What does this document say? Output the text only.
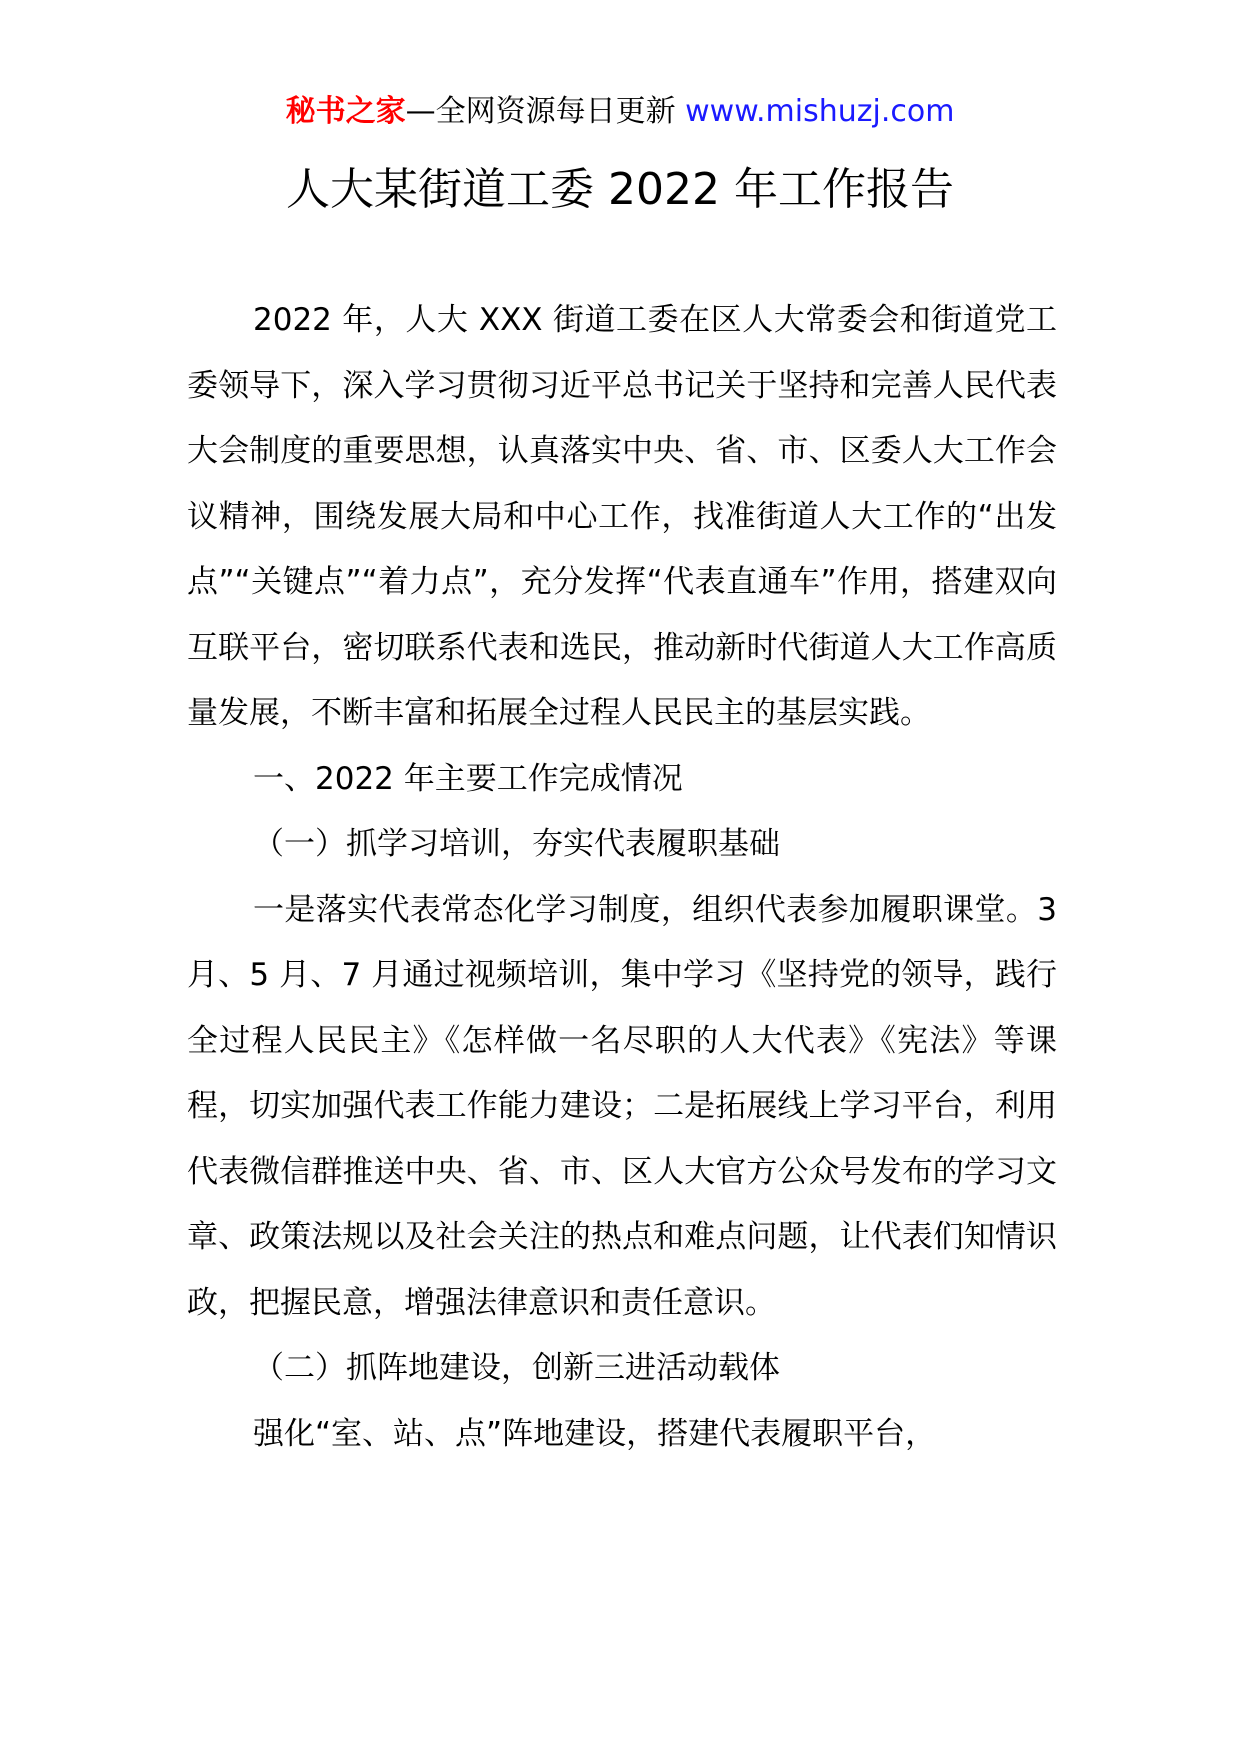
秘书之家—全网资源每日更新 www.mishuzj.com
人大某街道工委 2022 年工作报告

2022 年，人大 XXX 街道工委在区人大常委会和街道党工委领导下，深入学习贯彻习近平总书记关于坚持和完善人民代表大会制度的重要思想，认真落实中央、省、市、区委人大工作会议精神，围绕发展大局和中心工作，找准街道人大工作的“出发点”“关键点”“着力点”，充分发挥“代表直通车”作用，搭建双向互联平台，密切联系代表和选民，推动新时代街道人大工作高质量发展，不断丰富和拓展全过程人民民主的基层实践。

一、2022 年主要工作完成情况

（一）抓学习培训，夯实代表履职基础

一是落实代表常态化学习制度，组织代表参加履职课堂。3 月、5 月、7 月通过视频培训，集中学习《坚持党的领导，践行全过程人民民主》《怎样做一名尽职的人大代表》《宪法》等课程，切实加强代表工作能力建设；二是拓展线上学习平台，利用代表微信群推送中央、省、市、区人大官方公众号发布的学习文章、政策法规以及社会关注的热点和难点问题，让代表们知情识政，把握民意，增强法律意识和责任意识。

（二）抓阵地建设，创新三进活动载体

强化“室、站、点”阵地建设，搭建代表履职平台，
